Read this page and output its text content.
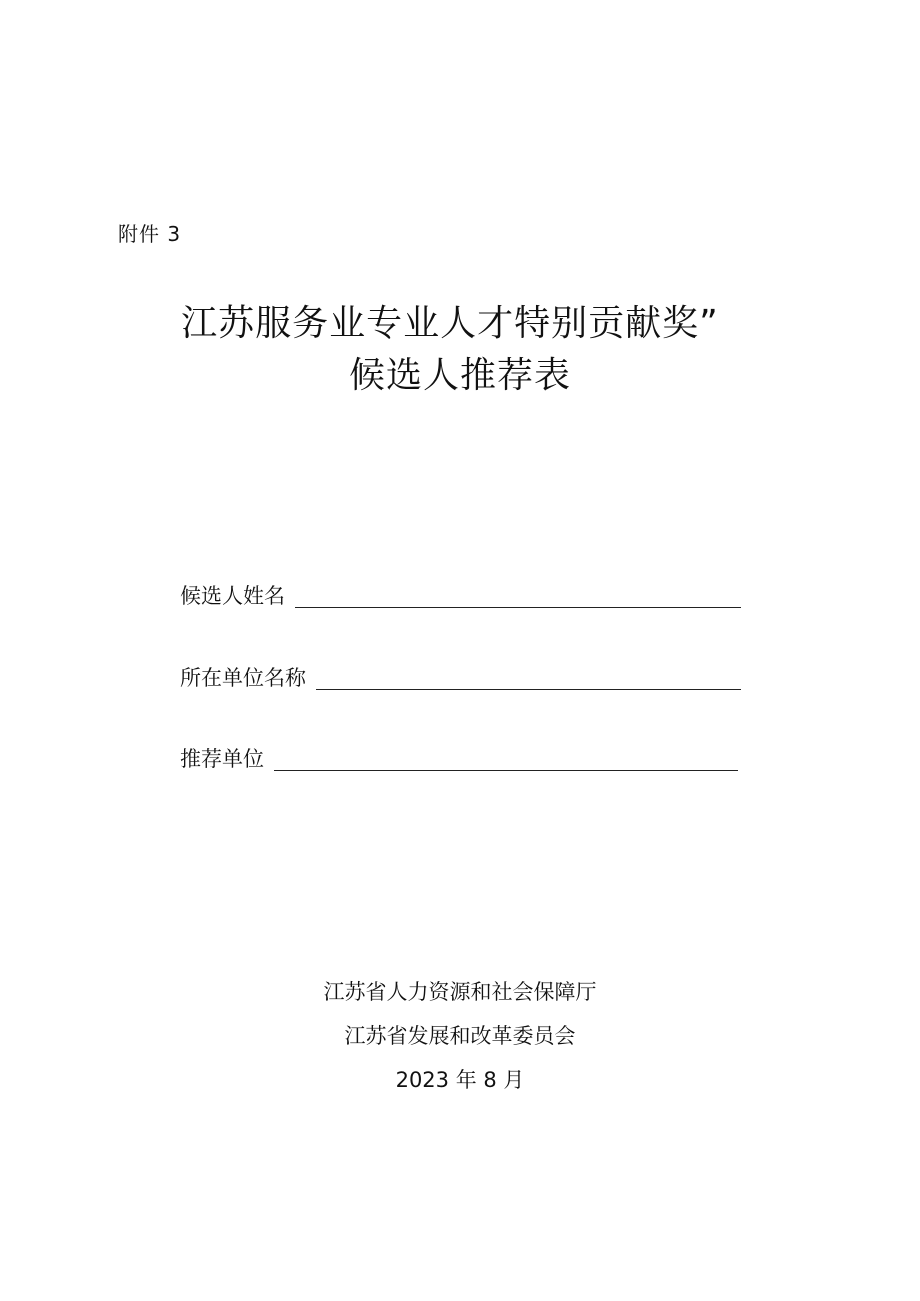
附件 3
江苏服务业专业人才特别贡献奖”
候选人推荐表
候选人姓名
所在单位名称
推荐单位
江苏省人力资源和社会保障厅
江苏省发展和改革委员会
2023 年 8 月
